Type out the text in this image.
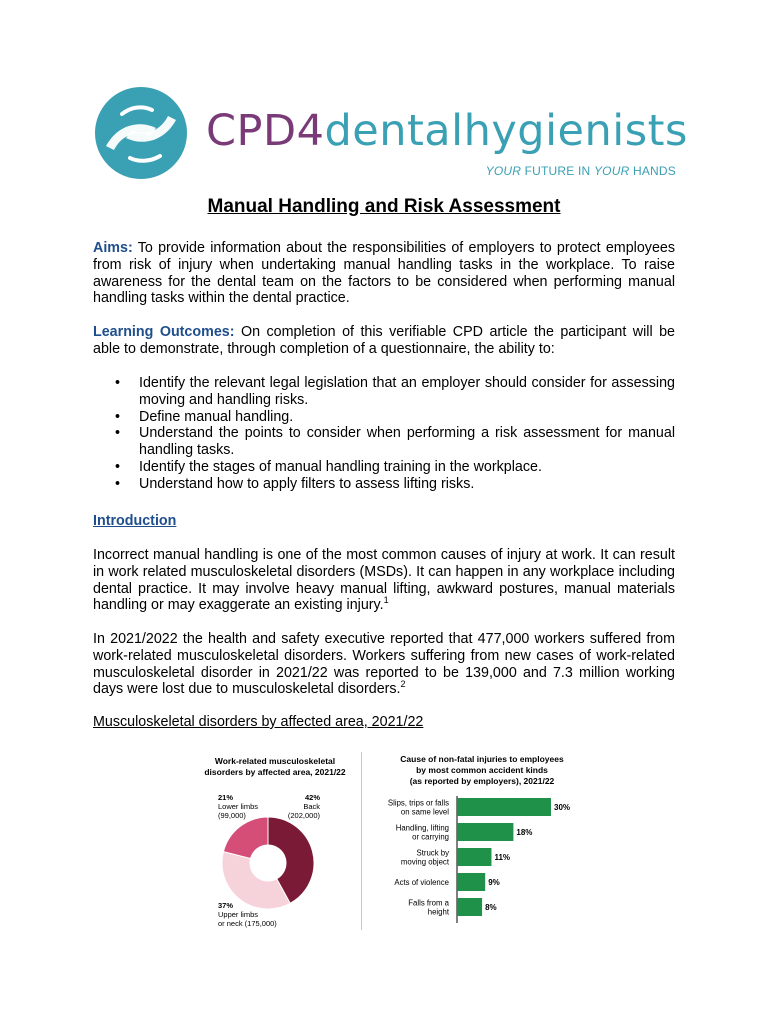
CPD4dentalhygienists
YOUR FUTURE IN YOUR HANDS
Manual Handling and Risk Assessment
Aims: To provide information about the responsibilities of employers to protect employees from risk of injury when undertaking manual handling tasks in the workplace. To raise awareness for the dental team on the factors to be considered when performing manual handling tasks within the dental practice.
Learning Outcomes: On completion of this verifiable CPD article the participant will be able to demonstrate, through completion of a questionnaire, the ability to:
• Identify the relevant legal legislation that an employer should consider for assessing moving and handling risks.
• Define manual handling.
• Understand the points to consider when performing a risk assessment for manual handling tasks.
• Identify the stages of manual handling training in the workplace.
• Understand how to apply filters to assess lifting risks.
Introduction
Incorrect manual handling is one of the most common causes of injury at work. It can result in work related musculoskeletal disorders (MSDs). It can happen in any workplace including dental practice. It may involve heavy manual lifting, awkward postures, manual materials handling or may exaggerate an existing injury.$^1$
In 2021/2022 the health and safety executive reported that 477,000 workers suffered from work-related musculoskeletal disorders. Workers suffering from new cases of work-related musculoskeletal disorder in 2021/22 was reported to be 139,000 and 7.3 million working days were lost due to musculoskeletal disorders.$^2$
Musculoskeletal disorders by affected area, 2021/22
Work-related musculoskeletal
disorders by affected area, 2021/22
42%
Back
(202,000)
37%
Upper limbs
or neck (175,000)
21%
Lower limbs
(99,000)
Cause of non-fatal injuries to employees
by most common accident kinds
(as reported by employers), 2021/22
30%
Slips, trips or falls
on same level
18%
Handling, lifting
or carrying
11%
Struck by
moving object
9%
Acts of violence
8%
Falls from a
height
